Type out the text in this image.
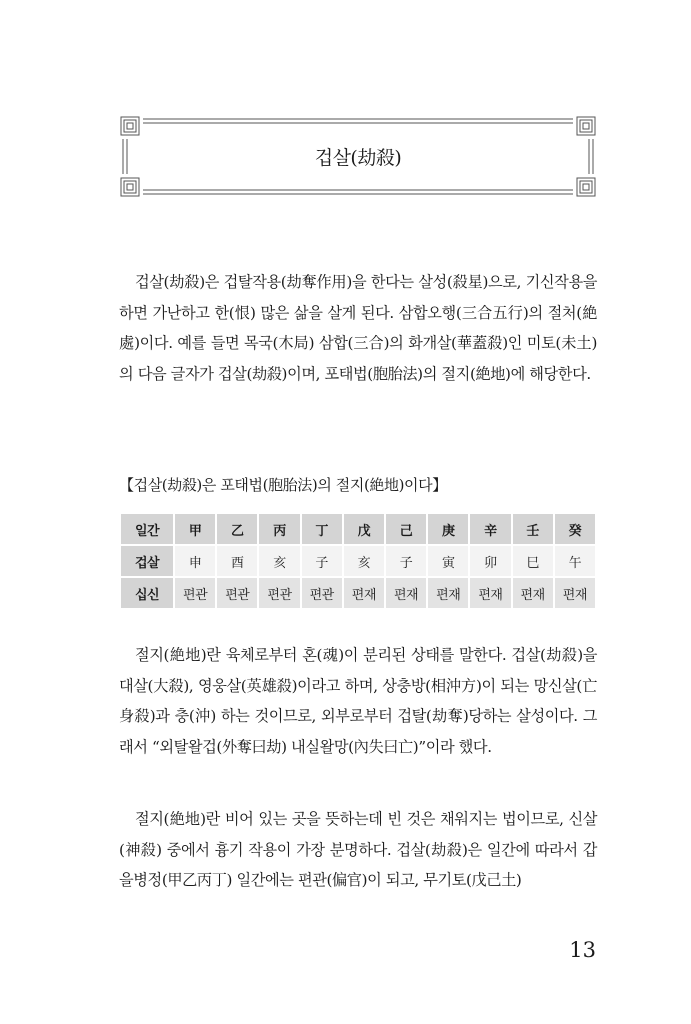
겁살(劫殺)

겁살(劫殺)은 겁탈작용(劫奪作用)을 한다는 살성(殺星)으로, 기신작용을 하면 가난하고 한(恨) 많은 삶을 살게 된다. 삼합오행(三合五行)의 절처(絶處)이다. 예를 들면 목국(木局) 삼합(三合)의 화개살(華蓋殺)인 미토(未土)의 다음 글자가 겁살(劫殺)이며, 포태법(胞胎法)의 절지(絶地)에 해당한다.

【겁살(劫殺)은 포태법(胞胎法)의 절지(絶地)이다】
일간	甲	乙	丙	丁	戊	己	庚	辛	壬	癸
겁살	申	酉	亥	子	亥	子	寅	卯	巳	午
십신	편관	편관	편관	편관	편재	편재	편재	편재	편재	편재

절지(絶地)란 육체로부터 혼(魂)이 분리된 상태를 말한다. 겁살(劫殺)을 대살(大殺), 영웅살(英雄殺)이라고 하며, 상충방(相沖方)이 되는 망신살(亡身殺)과 충(沖) 하는 것이므로, 외부로부터 겁탈(劫奪)당하는 살성이다. 그래서 “외탈왈겁(外奪曰劫) 내실왈망(內失曰亡)”이라 했다.

절지(絶地)란 비어 있는 곳을 뜻하는데 빈 것은 채워지는 법이므로, 신살(神殺) 중에서 흉기 작용이 가장 분명하다. 겁살(劫殺)은 일간에 따라서 갑을병정(甲乙丙丁) 일간에는 편관(偏官)이 되고, 무기토(戊己土)

13
